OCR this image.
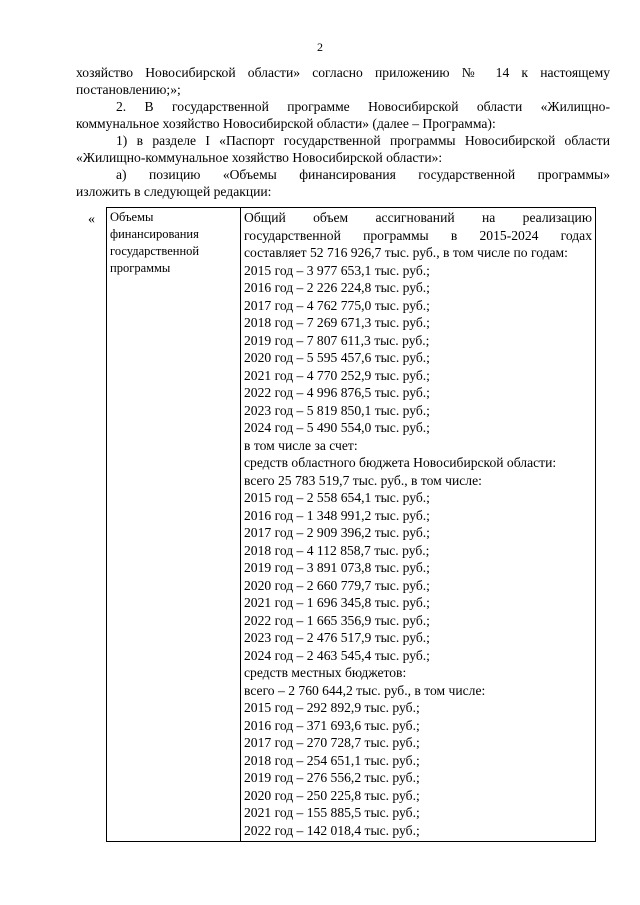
2
хозяйство Новосибирской области» согласно приложению № 14 к настоящему
постановлению;»;
2. В государственной программе Новосибирской области «Жилищно-
коммунальное хозяйство Новосибирской области» (далее – Программа):
1) в разделе I «Паспорт государственной программы Новосибирской области
«Жилищно-коммунальное хозяйство Новосибирской области»:
а) позицию «Объемы финансирования государственной программы»
изложить в следующей редакции:
« Объемы
финансирования
государственной
программы

Общий объем ассигнований на реализацию
государственной программы в 2015-2024 годах
составляет 52 716 926,7 тыс. руб., в том числе по годам:
2015 год – 3 977 653,1 тыс. руб.;
2016 год – 2 226 224,8 тыс. руб.;
2017 год – 4 762 775,0 тыс. руб.;
2018 год – 7 269 671,3 тыс. руб.;
2019 год – 7 807 611,3 тыс. руб.;
2020 год – 5 595 457,6 тыс. руб.;
2021 год – 4 770 252,9 тыс. руб.;
2022 год – 4 996 876,5 тыс. руб.;
2023 год – 5 819 850,1 тыс. руб.;
2024 год – 5 490 554,0 тыс. руб.;
в том числе за счет:
средств областного бюджета Новосибирской области:
всего 25 783 519,7 тыс. руб., в том числе:
2015 год – 2 558 654,1 тыс. руб.;
2016 год – 1 348 991,2 тыс. руб.;
2017 год – 2 909 396,2 тыс. руб.;
2018 год – 4 112 858,7 тыс. руб.;
2019 год – 3 891 073,8 тыс. руб.;
2020 год – 2 660 779,7 тыс. руб.;
2021 год – 1 696 345,8 тыс. руб.;
2022 год – 1 665 356,9 тыс. руб.;
2023 год – 2 476 517,9 тыс. руб.;
2024 год – 2 463 545,4 тыс. руб.;
средств местных бюджетов:
всего – 2 760 644,2 тыс. руб., в том числе:
2015 год – 292 892,9 тыс. руб.;
2016 год – 371 693,6 тыс. руб.;
2017 год – 270 728,7 тыс. руб.;
2018 год – 254 651,1 тыс. руб.;
2019 год – 276 556,2 тыс. руб.;
2020 год – 250 225,8 тыс. руб.;
2021 год – 155 885,5 тыс. руб.;
2022 год – 142 018,4 тыс. руб.;
